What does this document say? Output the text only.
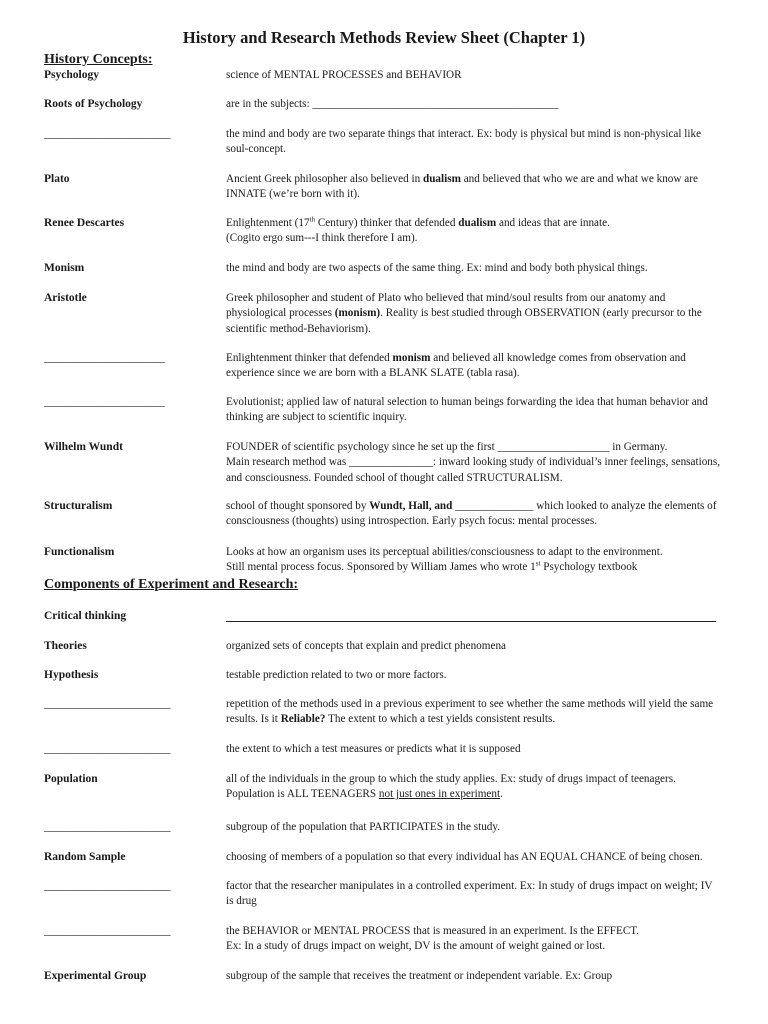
History and Research Methods Review Sheet (Chapter 1)
History Concepts:
Psychology	science of MENTAL PROCESSES and BEHAVIOR
Roots of Psychology	are in the subjects: ____________________________________________
______________________	the mind and body are two separate things that interact. Ex: body is physical but mind is non-physical like soul-concept.
Plato	Ancient Greek philosopher also believed in dualism and believed that who we are and what we know are INNATE (we’re born with it).
Renee Descartes	Enlightenment (17th Century) thinker that defended dualism and ideas that are innate.
(Cogito ergo sum---I think therefore I am).
Monism	the mind and body are two aspects of the same thing. Ex: mind and body both physical things.
Aristotle	Greek philosopher and student of Plato who believed that mind/soul results from our anatomy and physiological processes (monism). Reality is best studied through OBSERVATION (early precursor to the scientific method-Behaviorism).
_____________________	Enlightenment thinker that defended monism and believed all knowledge comes from observation and experience since we are born with a BLANK SLATE (tabla rasa).
_____________________	Evolutionist; applied law of natural selection to human beings forwarding the idea that human behavior and thinking are subject to scientific inquiry.
Wilhelm Wundt	FOUNDER of scientific psychology since he set up the first ____________________ in Germany.
Main research method was _______________: inward looking study of individual’s inner feelings, sensations, and consciousness. Founded school of thought called STRUCTURALISM.
Structuralism	school of thought sponsored by Wundt, Hall, and ______________ which looked to analyze the elements of consciousness (thoughts) using introspection. Early psych focus: mental processes.
Functionalism	Looks at how an organism uses its perceptual abilities/consciousness to adapt to the environment.
Still mental process focus. Sponsored by William James who wrote 1st Psychology textbook
Components of Experiment and Research:
Critical thinking
Theories	organized sets of concepts that explain and predict phenomena
Hypothesis	testable prediction related to two or more factors.
______________________	repetition of the methods used in a previous experiment to see whether the same methods will yield the same results. Is it Reliable? The extent to which a test yields consistent results.
______________________	the extent to which a test measures or predicts what it is supposed
Population	all of the individuals in the group to which the study applies. Ex: study of drugs impact of teenagers. Population is ALL TEENAGERS not just ones in experiment.
______________________	subgroup of the population that PARTICIPATES in the study.
Random Sample	choosing of members of a population so that every individual has AN EQUAL CHANCE of being chosen.
______________________	factor that the researcher manipulates in a controlled experiment. Ex: In study of drugs impact on weight; IV is drug
______________________	the BEHAVIOR or MENTAL PROCESS that is measured in an experiment. Is the EFFECT.
Ex: In a study of drugs impact on weight, DV is the amount of weight gained or lost.
Experimental Group	subgroup of the sample that receives the treatment or independent variable. Ex: Group
